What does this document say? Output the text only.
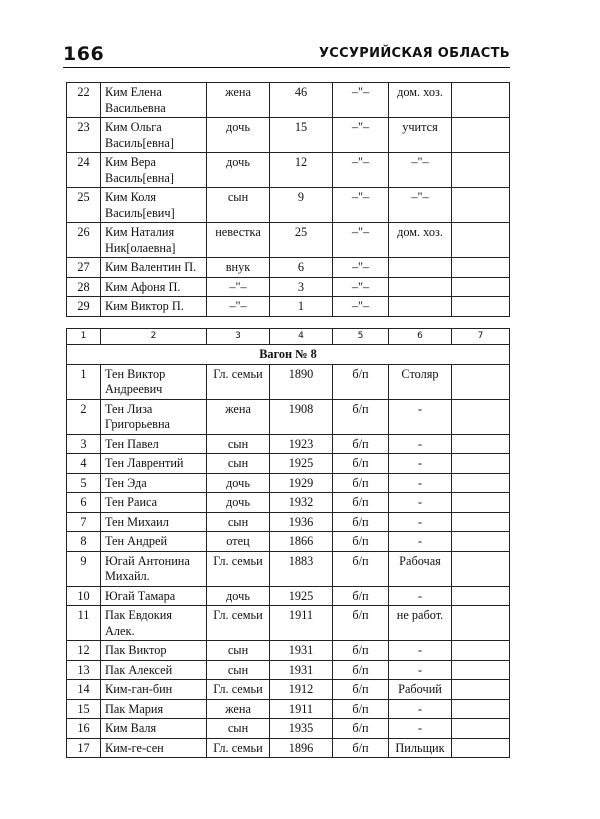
166	УССУРИЙСКАЯ ОБЛАСТЬ
22	Ким Елена Васильевна	жена	46	–"–	дом. хоз.	
23	Ким Ольга Василь[евна]	дочь	15	–"–	учится	
24	Ким Вера Василь[евна]	дочь	12	–"–	–"–	
25	Ким Коля Василь[евич]	сын	9	–"–	–"–	
26	Ким Наталия Ник[олаевна]	невестка	25	–"–	дом. хоз.	
27	Ким Валентин П.	внук	6	–"–		
28	Ким Афоня П.	–"–	3	–"–		
29	Ким Виктор П.	–"–	1	–"–		
1	2	3	4	5	6	7
Вагон № 8						
1	Тен Виктор Андреевич	Гл. семьи	1890	б/п	Столяр	
2	Тен Лиза Григорьевна	жена	1908	б/п	-	
3	Тен Павел	сын	1923	б/п	-	
4	Тен Лаврентий	сын	1925	б/п	-	
5	Тен Эда	дочь	1929	б/п	-	
6	Тен Раиса	дочь	1932	б/п	-	
7	Тен Михаил	сын	1936	б/п	-	
8	Тен Андрей	отец	1866	б/п	-	
9	Югай Антонина Михайл.	Гл. семьи	1883	б/п	Рабочая	
10	Югай Тамара	дочь	1925	б/п	-	
11	Пак Евдокия Алек.	Гл. семьи	1911	б/п	не работ.	
12	Пак Виктор	сын	1931	б/п	-	
13	Пак Алексей	сын	1931	б/п	-	
14	Ким-ган-бин	Гл. семьи	1912	б/п	Рабочий	
15	Пак Мария	жена	1911	б/п	-	
16	Ким Валя	сын	1935	б/п	-	
17	Ким-ге-сен	Гл. семьи	1896	б/п	Пильщик	
